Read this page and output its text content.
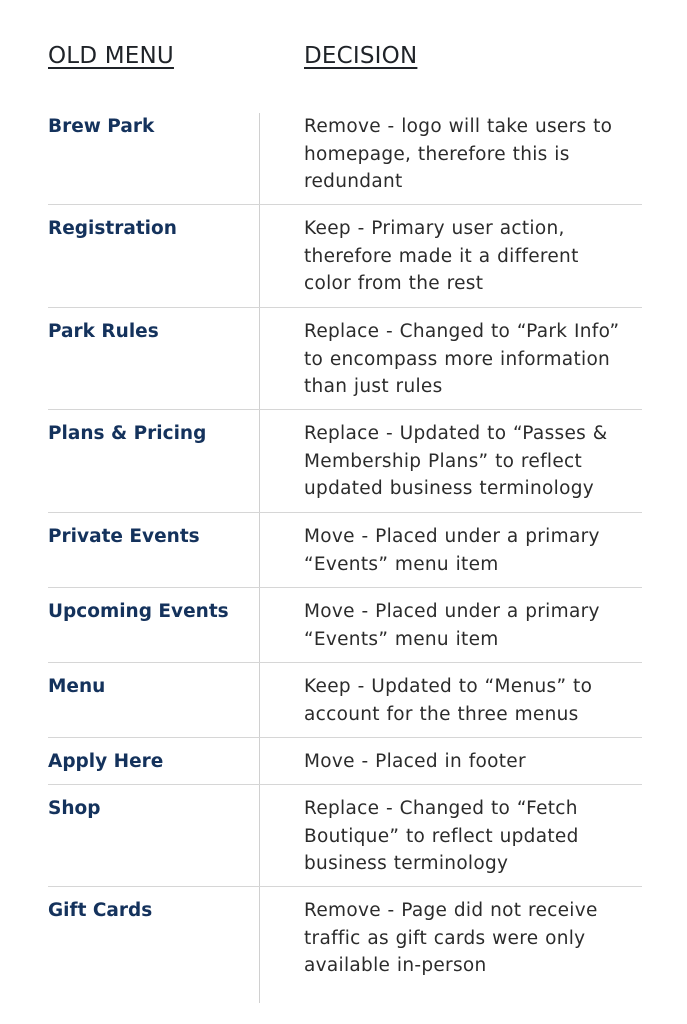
OLD MENU	DECISION
Brew Park	Remove - logo will take users to
homepage, therefore this is
redundant
Registration	Keep - Primary user action,
therefore made it a different
color from the rest
Park Rules	Replace - Changed to “Park Info”
to encompass more information
than just rules
Plans & Pricing	Replace - Updated to “Passes &
Membership Plans” to reflect
updated business terminology
Private Events	Move - Placed under a primary
“Events” menu item
Upcoming Events	Move - Placed under a primary
“Events” menu item
Menu	Keep - Updated to “Menus” to
account for the three menus
Apply Here	Move - Placed in footer
Shop	Replace - Changed to “Fetch
Boutique” to reflect updated
business terminology
Gift Cards	Remove - Page did not receive
traffic as gift cards were only
available in-person
